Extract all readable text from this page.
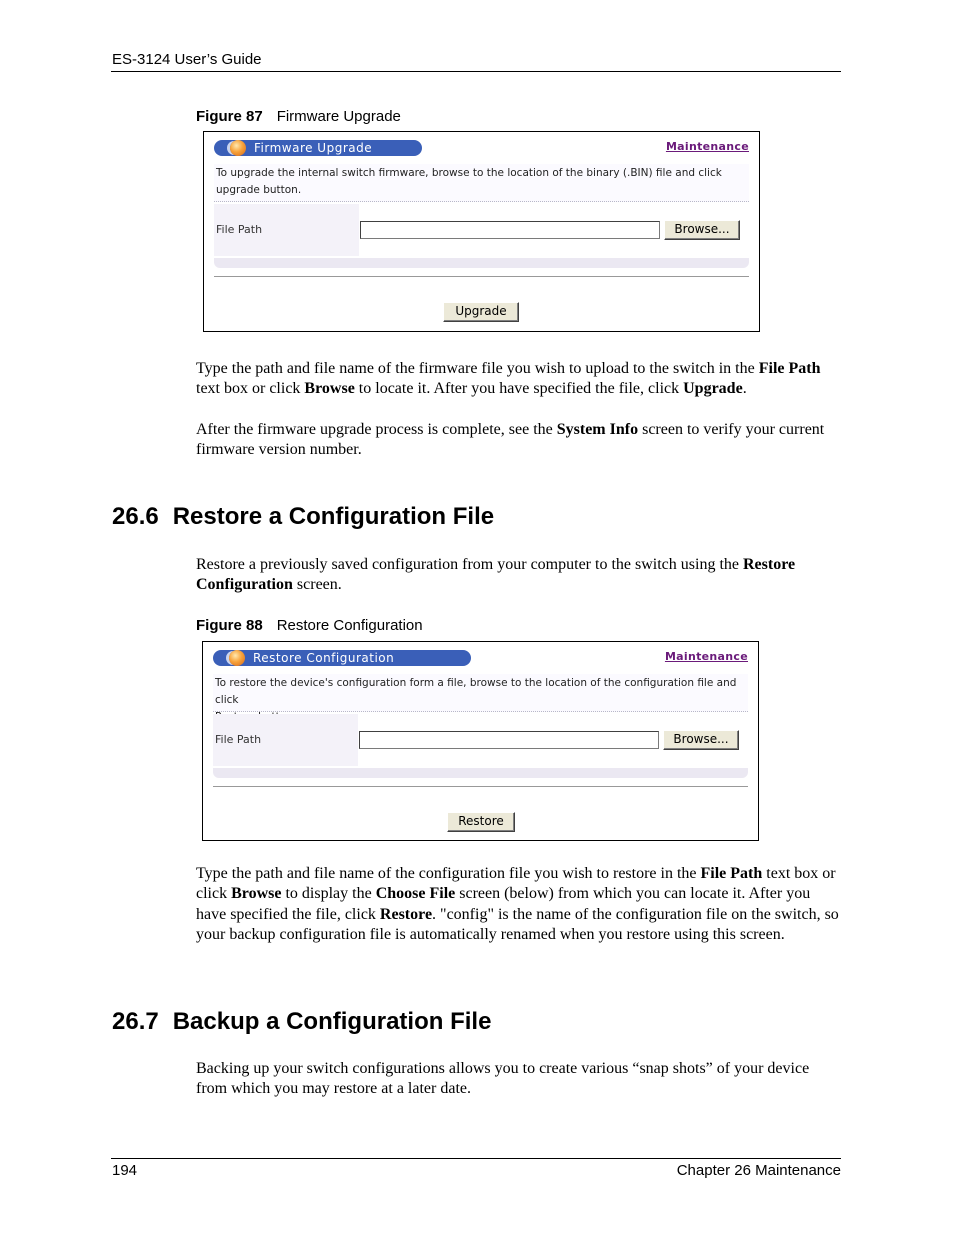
ES-3124 User’s Guide
Figure 87 Firmware Upgrade
Firmware Upgrade	Maintenance
To upgrade the internal switch firmware, browse to the location of the binary (.BIN) file and click
upgrade button.
File Path	Browse...
Upgrade
Type the path and file name of the firmware file you wish to upload to the switch in the File Path text box or click Browse to locate it. After you have specified the file, click Upgrade.
After the firmware upgrade process is complete, see the System Info screen to verify your current firmware version number.
26.6 Restore a Configuration File
Restore a previously saved configuration from your computer to the switch using the Restore Configuration screen.
Figure 88 Restore Configuration
Restore Configuration	Maintenance
To restore the device's configuration form a file, browse to the location of the configuration file and click
File Path	Browse...
Restore
Type the path and file name of the configuration file you wish to restore in the File Path text box or click Browse to display the Choose File screen (below) from which you can locate it. After you have specified the file, click Restore. "config" is the name of the configuration file on the switch, so your backup configuration file is automatically renamed when you restore using this screen.
26.7 Backup a Configuration File
Backing up your switch configurations allows you to create various “snap shots” of your device from which you may restore at a later date.
194	Chapter 26 Maintenance
